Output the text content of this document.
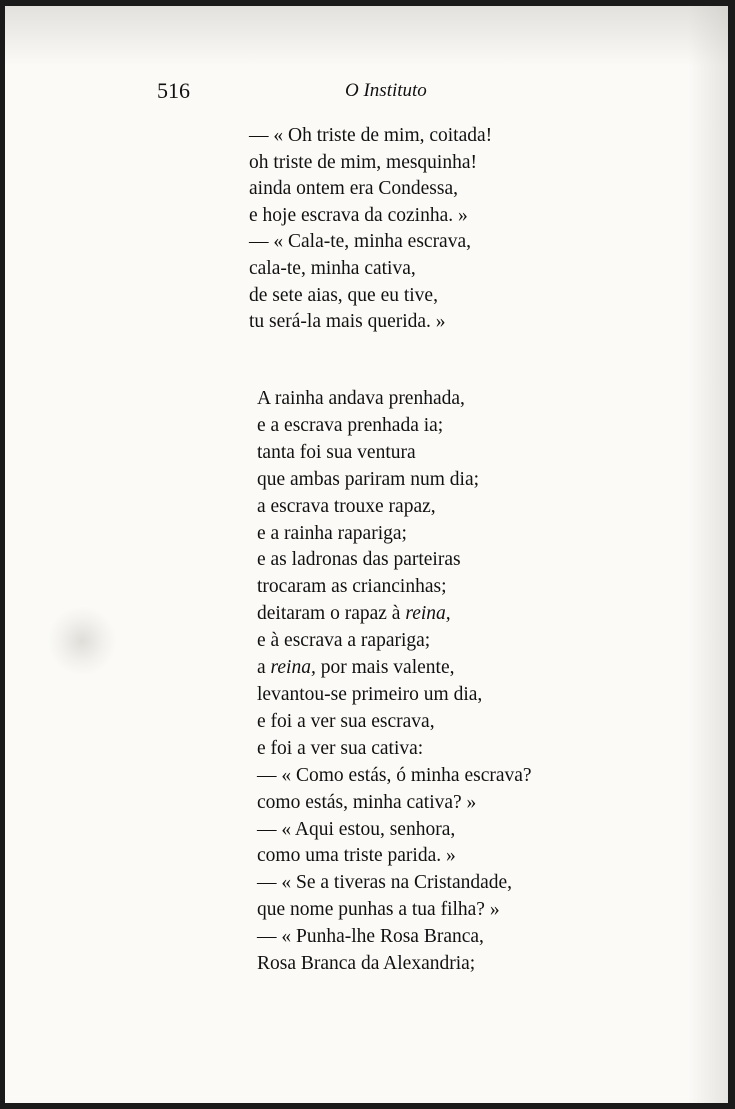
516	O Instituto
— « Oh triste de mim, coitada!
oh triste de mim, mesquinha!
ainda ontem era Condessa,
e hoje escrava da cozinha. »
— « Cala-te, minha escrava,
cala-te, minha cativa,
de sete aias, que eu tive,
tu será-la mais querida. »
A rainha andava prenhada,
e a escrava prenhada ia;
tanta foi sua ventura
que ambas pariram num dia;
a escrava trouxe rapaz,
e a rainha rapariga;
e as ladronas das parteiras
trocaram as criancinhas;
deitaram o rapaz à reina,
e à escrava a rapariga;
a reina, por mais valente,
levantou-se primeiro um dia,
e foi a ver sua escrava,
e foi a ver sua cativa:
— « Como estás, ó minha escrava?
como estás, minha cativa? »
— « Aqui estou, senhora,
como uma triste parida. »
— « Se a tiveras na Cristandade,
que nome punhas a tua filha? »
— « Punha-lhe Rosa Branca,
Rosa Branca da Alexandria;
